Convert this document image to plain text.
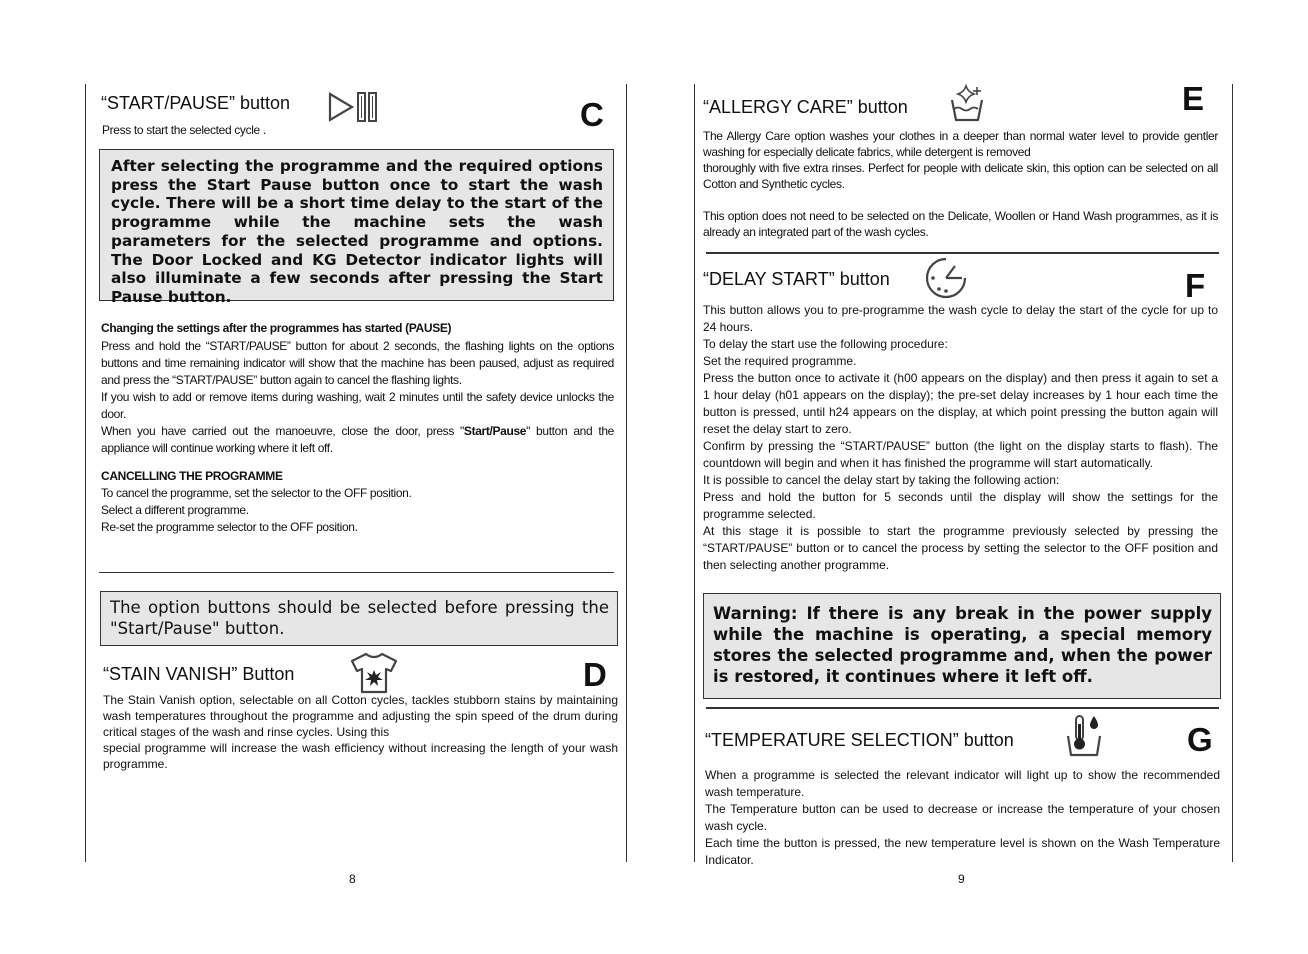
“START/PAUSE” button	C
Press to start the selected cycle .
After selecting the programme and the required options press the Start Pause button once to start the wash cycle. There will be a short time delay to the start of the programme while the machine sets the wash parameters for the selected programme and options. The Door Locked and KG Detector indicator lights will also illuminate a few seconds after pressing the Start Pause button.
Changing the settings after the programmes has started (PAUSE)
Press and hold the “START/PAUSE” button for about 2 seconds, the flashing lights on the options buttons and time remaining indicator will show that the machine has been paused, adjust as required and press the “START/PAUSE” button again to cancel the flashing lights.
If you wish to add or remove items during washing, wait 2 minutes until the safety device unlocks the door.
When you have carried out the manoeuvre, close the door, press "Start/Pause" button and the appliance will continue working where it left off.
CANCELLING THE PROGRAMME
To cancel the programme, set the selector to the OFF position.
Select a different programme.
Re-set the programme selector to the OFF position.
The option buttons should be selected before pressing the "Start/Pause" button.
“STAIN VANISH” Button	D
The Stain Vanish option, selectable on all Cotton cycles, tackles stubborn stains by maintaining wash temperatures throughout the programme and adjusting the spin speed of the drum during critical stages of the wash and rinse cycles. Using this
special programme will increase the wash efficiency without increasing the length of your wash programme.
8
“ALLERGY CARE” button	E
The Allergy Care option washes your clothes in a deeper than normal water level to provide gentler washing for especially delicate fabrics, while detergent is removed
thoroughly with five extra rinses. Perfect for people with delicate skin, this option can be selected on all Cotton and Synthetic cycles.
This option does not need to be selected on the Delicate, Woollen or Hand Wash programmes, as it is already an integrated part of the wash cycles.
“DELAY START” button	F
This button allows you to pre-programme the wash cycle to delay the start of the cycle for up to 24 hours.
To delay the start use the following procedure:
Set the required programme.
Press the button once to activate it (h00 appears on the display) and then press it again to set a 1 hour delay (h01 appears on the display); the pre-set delay increases by 1 hour each time the button is pressed, until h24 appears on the display, at which point pressing the button again will reset the delay start to zero.
Confirm by pressing the “START/PAUSE” button (the light on the display starts to flash). The countdown will begin and when it has finished the programme will start automatically.
It is possible to cancel the delay start by taking the following action:
Press and hold the button for 5 seconds until the display will show the settings for the programme selected.
At this stage it is possible to start the programme previously selected by pressing the “START/PAUSE” button or to cancel the process by setting the selector to the OFF position and then selecting another programme.
Warning: If there is any break in the power supply while the machine is operating, a special memory stores the selected programme and, when the power is restored, it continues where it left off.
“TEMPERATURE SELECTION” button	G
When a programme is selected the relevant indicator will light up to show the recommended wash temperature.
The Temperature button can be used to decrease or increase the temperature of your chosen wash cycle.
Each time the button is pressed, the new temperature level is shown on the Wash Temperature Indicator.
9
